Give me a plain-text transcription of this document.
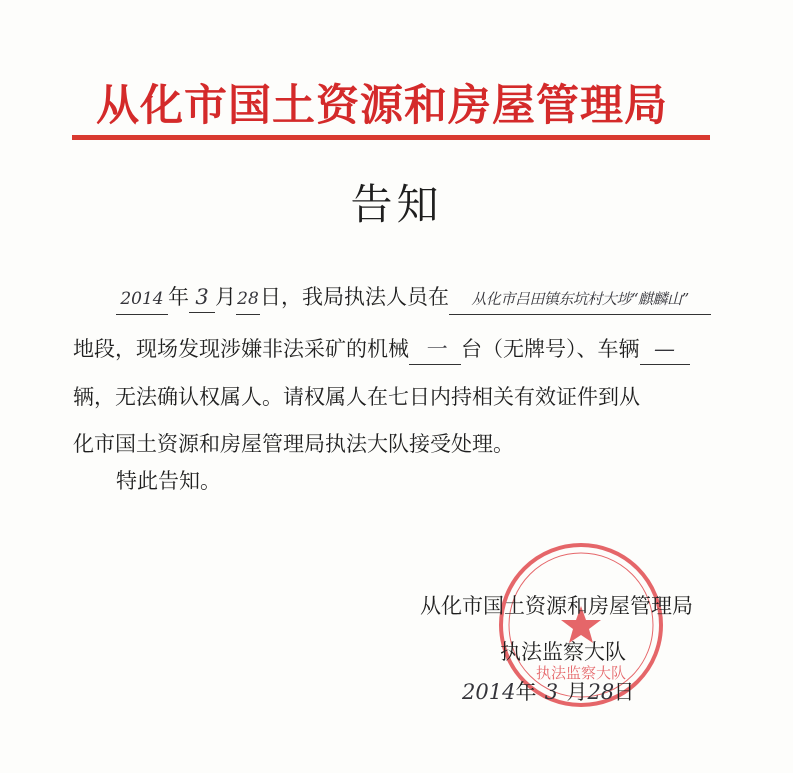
从化市国土资源和房屋管理局
告知
2014 年 3 月28日，我局执法人员在 从化市吕田镇东坑村大埗“麒麟山”
地段，现场发现涉嫌非法采矿的机械 一 台（无牌号）、车辆 —
辆，无法确认权属人。请权属人在七日内持相关有效证件到从
化市国土资源和房屋管理局执法大队接受处理。
特此告知。
执法监察大队
从化市国土资源和房屋管理局
执法监察大队
2014年 3 月28日
